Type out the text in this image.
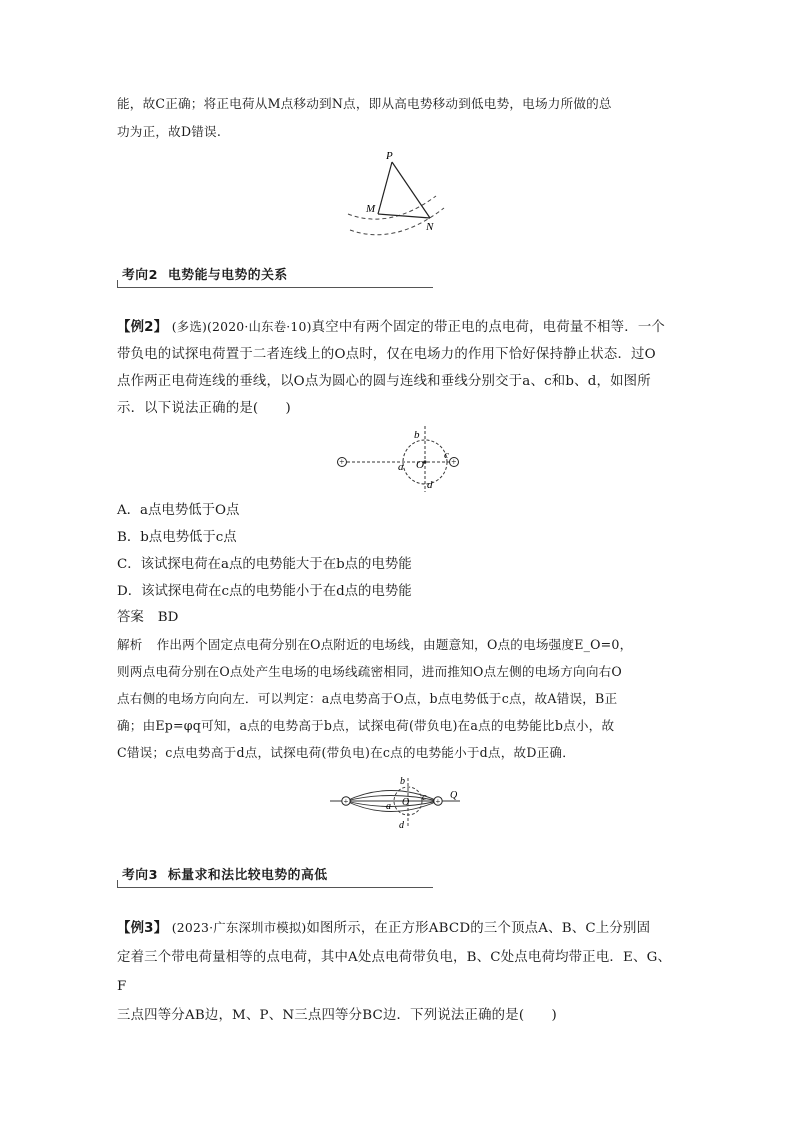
能，故C正确；将正电荷从M点移动到N点，即从高电势移动到低电势，电场力所做的总
功为正，故D错误.
P
M
N
考向2 电势能与电势的关系
【例2】 (多选)(2020·山东卷·10)真空中有两个固定的带正电的点电荷，电荷量不相等．一个
带负电的试探电荷置于二者连线上的O点时，仅在电场力的作用下恰好保持静止状态．过O
点作两正电荷连线的垂线，以O点为圆心的圆与连线和垂线分别交于a、c和b、d，如图所
示．以下说法正确的是(　　)
+	+
b
a O
c
d
A．a点电势低于O点
B．b点电势低于c点
C．该试探电荷在a点的电势能大于在b点的电势能
D．该试探电荷在c点的电势能小于在d点的电势能
答案 BD
解析 作出两个固定点电荷分别在O点附近的电场线，由题意知，O点的电场强度E_O=0，
则两点电荷分别在O点处产生电场的电场线疏密相同，进而推知O点左侧的电场方向向右O
点右侧的电场方向向左．可以判定：a点电势高于O点，b点电势低于c点，故A错误，B正
确；由Ep=φq可知，a点的电势高于b点，试探电荷(带负电)在a点的电势能比b点小，故
C错误；c点电势高于d点，试探电荷(带负电)在c点的电势能小于d点，故D正确．
+	+
b
a O c
d
Q
考向3 标量求和法比较电势的高低
【例3】 (2023·广东深圳市模拟)如图所示，在正方形ABCD的三个顶点A、B、C上分别固
定着三个带电荷量相等的点电荷，其中A处点电荷带负电，B、C处点电荷均带正电．E、G、F
三点四等分AB边，M、P、N三点四等分BC边．下列说法正确的是(　　)
